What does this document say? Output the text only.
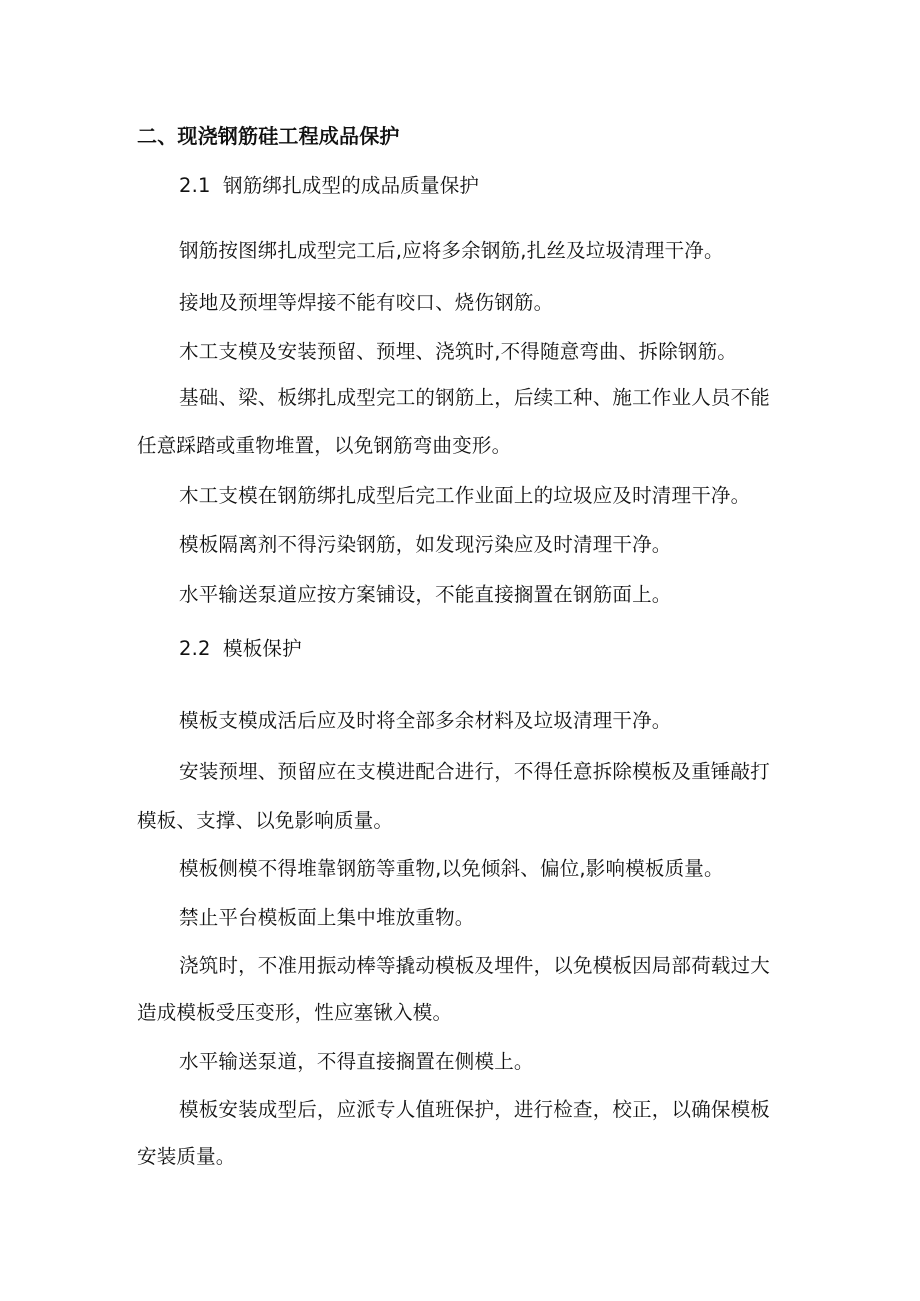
二、现浇钢筋硅工程成品保护
2.1 钢筋绑扎成型的成品质量保护
钢筋按图绑扎成型完工后,应将多余钢筋,扎丝及垃圾清理干净。
接地及预埋等焊接不能有咬口、烧伤钢筋。
木工支模及安装预留、预埋、浇筑时,不得随意弯曲、拆除钢筋。
基础、梁、板绑扎成型完工的钢筋上，后续工种、施工作业人员不能
任意踩踏或重物堆置，以免钢筋弯曲变形。
木工支模在钢筋绑扎成型后完工作业面上的垃圾应及时清理干净。
模板隔离剂不得污染钢筋，如发现污染应及时清理干净。
水平输送泵道应按方案铺设，不能直接搁置在钢筋面上。
2.2 模板保护
模板支模成活后应及时将全部多余材料及垃圾清理干净。
安装预埋、预留应在支模进配合进行，不得任意拆除模板及重锤敲打
模板、支撑、以免影响质量。
模板侧模不得堆靠钢筋等重物,以免倾斜、偏位,影响模板质量。
禁止平台模板面上集中堆放重物。
浇筑时，不准用振动棒等撬动模板及埋件，以免模板因局部荷载过大
造成模板受压变形，性应塞锹入模。
水平输送泵道，不得直接搁置在侧模上。
模板安装成型后，应派专人值班保护，进行检查，校正，以确保模板
安装质量。
